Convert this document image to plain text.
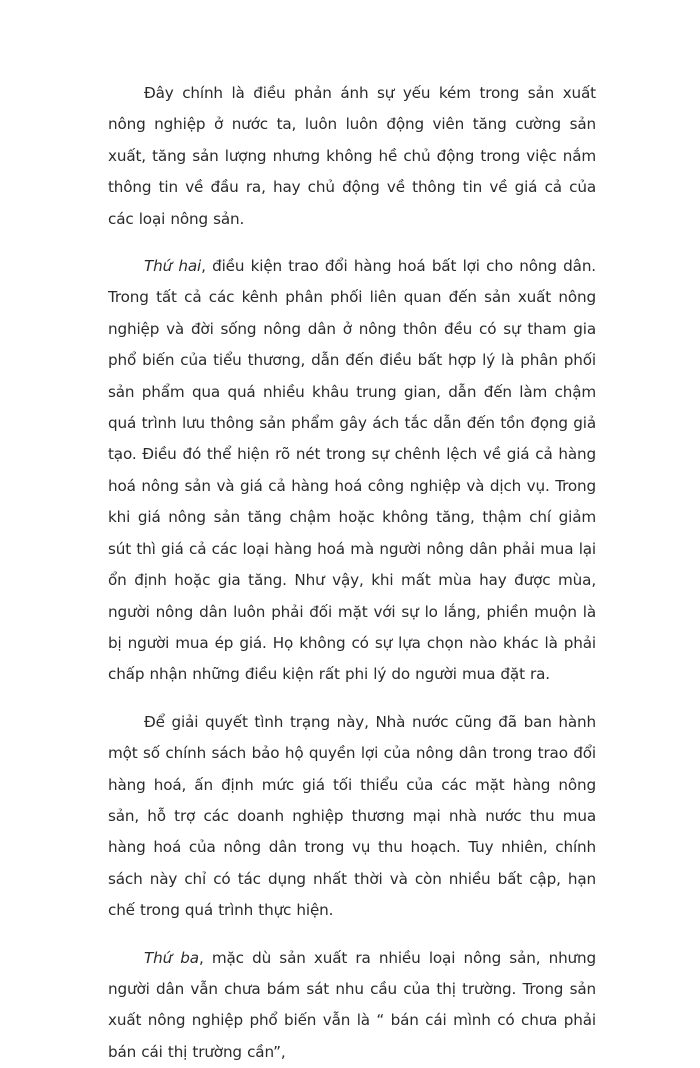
Đây chính là điều phản ánh sự yếu kém trong sản xuất nông nghiệp ở nước ta, luôn luôn động viên tăng cường sản xuất, tăng sản lượng nhưng không hề chủ động trong việc nắm thông tin về đầu ra, hay chủ động về thông tin về giá cả của các loại nông sản.

Thứ hai, điều kiện trao đổi hàng hoá bất lợi cho nông dân. Trong tất cả các kênh phân phối liên quan đến sản xuất nông nghiệp và đời sống nông dân ở nông thôn đều có sự tham gia phổ biến của tiểu thương, dẫn đến điều bất hợp lý là phân phối sản phẩm qua quá nhiều khâu trung gian, dẫn đến làm chậm quá trình lưu thông sản phẩm gây ách tắc dẫn đến tồn đọng giả tạo. Điều đó thể hiện rõ nét trong sự chênh lệch về giá cả hàng hoá nông sản và giá cả hàng hoá công nghiệp và dịch vụ. Trong khi giá nông sản tăng chậm hoặc không tăng, thậm chí giảm sút thì giá cả các loại hàng hoá mà người nông dân phải mua lại ổn định hoặc gia tăng. Như vậy, khi mất mùa hay được mùa, người nông dân luôn phải đối mặt với sự lo lắng, phiền muộn là bị người mua ép giá. Họ không có sự lựa chọn nào khác là phải chấp nhận những điều kiện rất phi lý do người mua đặt ra.

Để giải quyết tình trạng này, Nhà nước cũng đã ban hành một số chính sách bảo hộ quyền lợi của nông dân trong trao đổi hàng hoá, ấn định mức giá tối thiểu của các mặt hàng nông sản, hỗ trợ các doanh nghiệp thương mại nhà nước thu mua hàng hoá của nông dân trong vụ thu hoạch. Tuy nhiên, chính sách này chỉ có tác dụng nhất thời và còn nhiều bất cập, hạn chế trong quá trình thực hiện.

Thứ ba, mặc dù sản xuất ra nhiều loại nông sản, nhưng người dân vẫn chưa bám sát nhu cầu của thị trường. Trong sản xuất nông nghiệp phổ biến vẫn là “ bán cái mình có chưa phải bán cái thị trường cần”,
